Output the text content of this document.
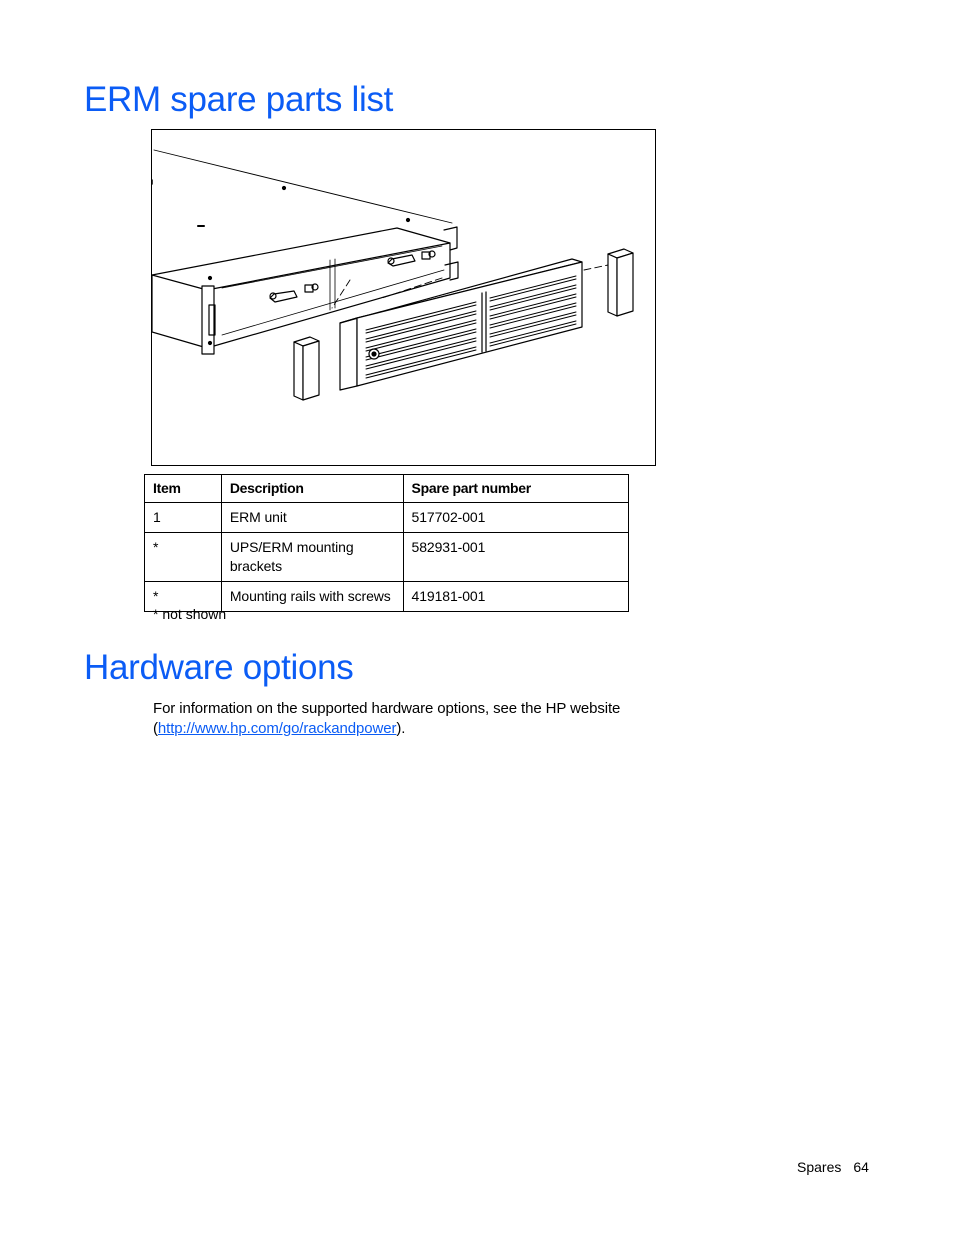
ERM spare parts list
Item	Description	Spare part number
1	ERM unit	517702-001
*	UPS/ERM mounting brackets	582931-001
*	Mounting rails with screws	419181-001
* not shown
Hardware options

For information on the supported hardware options, see the HP website (http://www.hp.com/go/rackandpower).

Spares 64
